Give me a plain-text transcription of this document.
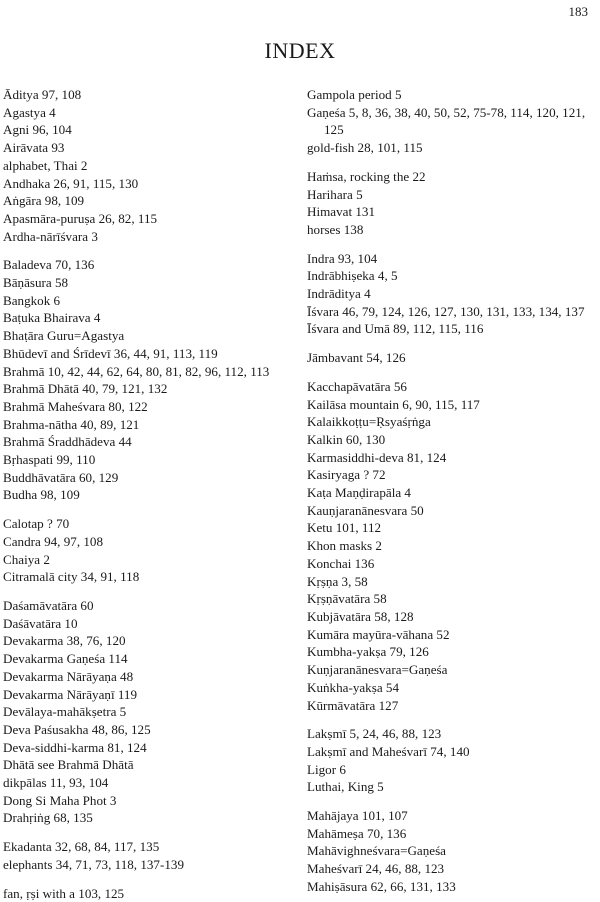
183
INDEX
Āditya 97, 108
Agastya 4
Agni 96, 104
Airāvata 93
alphabet, Thai 2
Andhaka 26, 91, 115, 130
Aṅgāra 98, 109
Apasmāra-puruṣa 26, 82, 115
Ardha-nārīśvara 3
Baladeva 70, 136
Bāṇāsura 58
Bangkok 6
Baṭuka Bhairava 4
Bhaṭāra Guru=Agastya
Bhūdevī and Śrīdevī 36, 44, 91, 113, 119
Brahmā 10, 42, 44, 62, 64, 80, 81, 82, 96, 112, 113
Brahmā Dhātā 40, 79, 121, 132
Brahmā Maheśvara 80, 122
Brahma-nātha 40, 89, 121
Brahmā Śraddhādeva 44
Bṛhaspati 99, 110
Buddhāvatāra 60, 129
Budha 98, 109
Calotap ? 70
Candra 94, 97, 108
Chaiya 2
Citramalā city 34, 91, 118
Daśamāvatāra 60
Daśāvatāra 10
Devakarma 38, 76, 120
Devakarma Gaṇeśa 114
Devakarma Nārāyaṇa 48
Devakarma Nārāyaṇī 119
Devālaya-mahākṣetra 5
Deva Paśusakha 48, 86, 125
Deva-siddhi-karma 81, 124
Dhātā see Brahmā Dhātā
dikpālas 11, 93, 104
Dong Si Maha Phot 3
Drahṛiṅg 68, 135
Ekadanta 32, 68, 84, 117, 135
elephants 34, 71, 73, 118, 137-139
fan, ṛṣi with a 103, 125
Gampola period 5
Gaṇeśa 5, 8, 36, 38, 40, 50, 52, 75-78, 114, 120, 121, 125
gold-fish 28, 101, 115
Haṁsa, rocking the 22
Harihara 5
Himavat 131
horses 138
Indra 93, 104
Indrābhiṣeka 4, 5
Indrāditya 4
Īśvara 46, 79, 124, 126, 127, 130, 131, 133, 134, 137
Īśvara and Umā 89, 112, 115, 116
Jāmbavant 54, 126
Kacchapāvatāra 56
Kailāsa mountain 6, 90, 115, 117
Kalaikkoṭṭu=Ṛsyaśṛṅga
Kalkin 60, 130
Karmasiddhi-deva 81, 124
Kasiryaga ? 72
Kaṭa Maṇḍirapāla 4
Kauṇjaranānesvara 50
Ketu 101, 112
Khon masks 2
Konchai 136
Kṛṣṇa 3, 58
Kṛṣṇāvatāra 58
Kubjāvatāra 58, 128
Kumāra mayūra-vāhana 52
Kumbha-yakṣa 79, 126
Kuṇjaranānesvara=Gaṇeśa
Kuṅkha-yakṣa 54
Kūrmāvatāra 127
Lakṣmī 5, 24, 46, 88, 123
Lakṣmī and Maheśvarī 74, 140
Ligor 6
Luthai, King 5
Mahājaya 101, 107
Mahāmeṣa 70, 136
Mahāvighneśvara=Gaṇeśa
Maheśvarī 24, 46, 88, 123
Mahiṣāsura 62, 66, 131, 133
